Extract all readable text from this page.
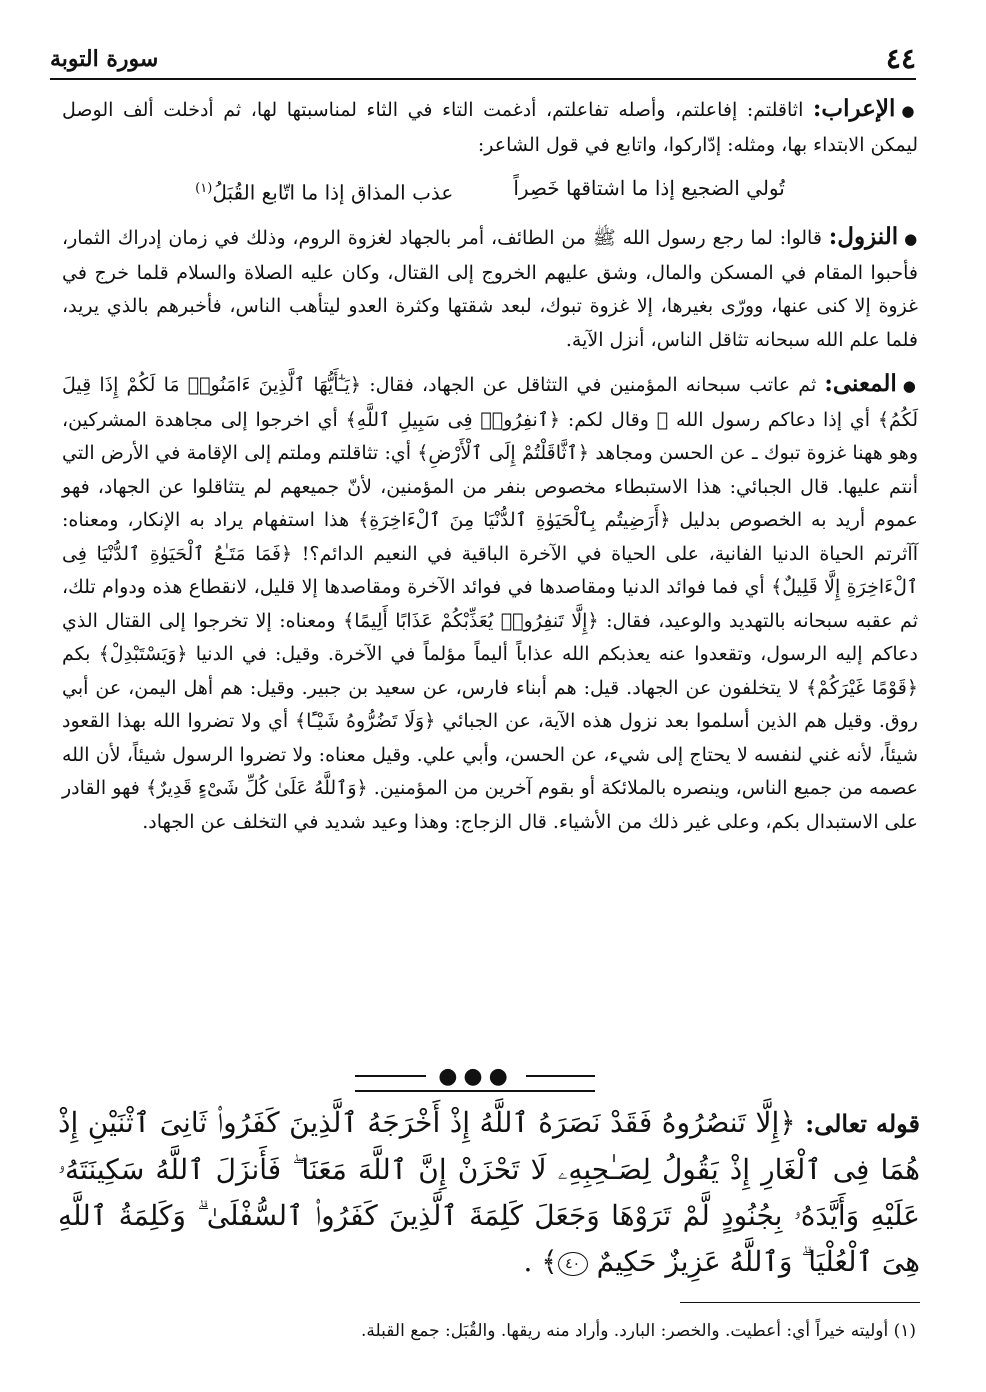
٤٤
سورة التوبة

●الإعراب: اثاقلتم: إفاعلتم، وأصله تفاعلتم، أدغمت التاء في الثاء لمناسبتها لها، ثم أدخلت ألف الوصل ليمكن الابتداء بها، ومثله: إدّاركوا، واتابع في قول الشاعر:

تُولي الضجيع إذا ما اشتاقها خَصِراً
عذب المذاق إذا ما اتّابع القُبَلُ$^{(١)}$

●النزول: قالوا: لما رجع رسول الله ﷺ من الطائف، أمر بالجهاد لغزوة الروم، وذلك في زمان إدراك الثمار، فأحبوا المقام في المسكن والمال، وشق عليهم الخروج إلى القتال، وكان عليه الصلاة والسلام قلما خرج في غزوة إلا كنى عنها، وورّى بغيرها، إلا غزوة تبوك، لبعد شقتها وكثرة العدو ليتأهب الناس، فأخبرهم بالذي يريد، فلما علم الله سبحانه تثاقل الناس، أنزل الآية.

●المعنى: ثم عاتب سبحانه المؤمنين في التثاقل عن الجهاد، فقال: ﴿يَـٰٓأَيُّهَا ٱلَّذِينَ ءَامَنُوا۟ مَا لَكُمْ إِذَا قِيلَ لَكُمُ﴾ أي إذا دعاكم رسول الله ﷺ وقال لكم: ﴿ٱنفِرُوا۟ فِى سَبِيلِ ٱللَّهِ﴾ أي اخرجوا إلى مجاهدة المشركين، وهو ههنا غزوة تبوك ـ عن الحسن ومجاهد ﴿ٱثَّاقَلْتُمْ إِلَى ٱلْأَرْضِ﴾ أي: تثاقلتم وملتم إلى الإقامة في الأرض التي أنتم عليها. قال الجبائي: هذا الاستبطاء مخصوص بنفر من المؤمنين، لأنّ جميعهم لم يتثاقلوا عن الجهاد، فهو عموم أريد به الخصوص بدليل ﴿أَرَضِيتُم بِٱلْحَيَوٰةِ ٱلدُّنْيَا مِنَ ٱلْءَاخِرَةِ﴾ هذا استفهام يراد به الإنكار، ومعناه: آآثرتم الحياة الدنيا الفانية، على الحياة في الآخرة الباقية في النعيم الدائم؟! ﴿فَمَا مَتَـٰعُ ٱلْحَيَوٰةِ ٱلدُّنْيَا فِى ٱلْءَاخِرَةِ إِلَّا قَلِيلٌ﴾ أي فما فوائد الدنيا ومقاصدها في فوائد الآخرة ومقاصدها إلا قليل، لانقطاع هذه ودوام تلك، ثم عقبه سبحانه بالتهديد والوعيد، فقال: ﴿إِلَّا تَنفِرُوا۟ يُعَذِّبْكُمْ عَذَابًا أَلِيمًا﴾ ومعناه: إلا تخرجوا إلى القتال الذي دعاكم إليه الرسول، وتقعدوا عنه يعذبكم الله عذاباً أليماً مؤلماً في الآخرة. وقيل: في الدنيا ﴿وَيَسْتَبْدِلْ﴾ بكم ﴿قَوْمًا غَيْرَكُمْ﴾ لا يتخلفون عن الجهاد. قيل: هم أبناء فارس، عن سعيد بن جبير. وقيل: هم أهل اليمن، عن أبي روق. وقيل هم الذين أسلموا بعد نزول هذه الآية، عن الجبائي ﴿وَلَا تَضُرُّوهُ شَيْـًٔا﴾ أي ولا تضروا الله بهذا القعود شيئاً، لأنه غني لنفسه لا يحتاج إلى شيء، عن الحسن، وأبي علي. وقيل معناه: ولا تضروا الرسول شيئاً، لأن الله عصمه من جميع الناس، وينصره بالملائكة أو بقوم آخرين من المؤمنين. ﴿وَٱللَّهُ عَلَىٰ كُلِّ شَىْءٍ قَدِيرٌ﴾ فهو القادر على الاستبدال بكم، وعلى غير ذلك من الأشياء. قال الزجاج: وهذا وعيد شديد في التخلف عن الجهاد.

●●●
قوله تعالى: ﴿إِلَّا تَنصُرُوهُ فَقَدْ نَصَرَهُ ٱللَّهُ إِذْ أَخْرَجَهُ ٱلَّذِينَ كَفَرُوا۟ ثَانِىَ ٱثْنَيْنِ إِذْ هُمَا فِى ٱلْغَارِ إِذْ يَقُولُ لِصَـٰحِبِهِۦ لَا تَحْزَنْ إِنَّ ٱللَّهَ مَعَنَا ۖ فَأَنزَلَ ٱللَّهُ سَكِينَتَهُۥ عَلَيْهِ وَأَيَّدَهُۥ بِجُنُودٍ لَّمْ تَرَوْهَا وَجَعَلَ كَلِمَةَ ٱلَّذِينَ كَفَرُوا۟ ٱلسُّفْلَىٰ ۗ وَكَلِمَةُ ٱللَّهِ هِىَ ٱلْعُلْيَا ۗ وَٱللَّهُ عَزِيزٌ حَكِيمٌ ٤٠﴾ .
(١) أوليته خيراً أي: أعطيت. والخصر: البارد. وأراد منه ريقها. والقُبَل: جمع القبلة.
